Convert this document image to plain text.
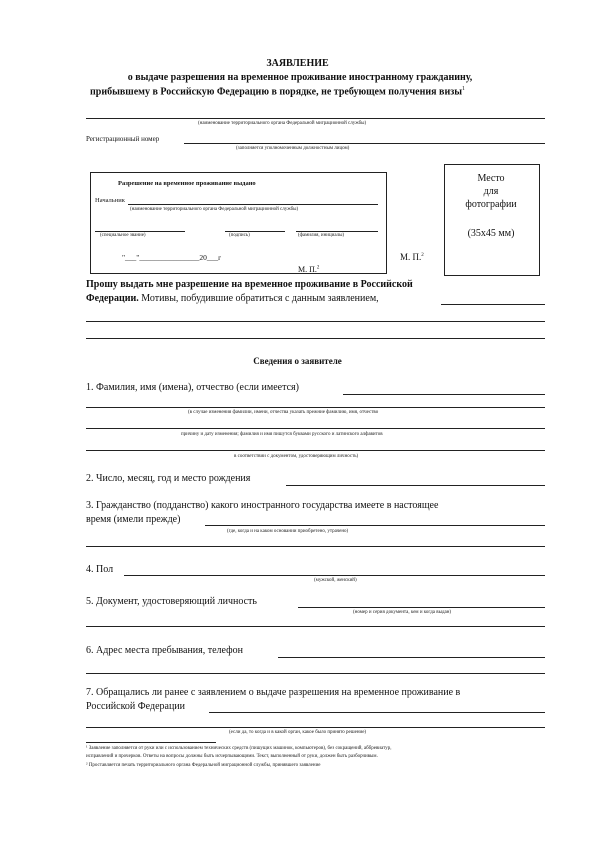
ЗАЯВЛЕНИЕ
о выдаче разрешения на временное проживание иностранному гражданину,
прибывшему в Российскую Федерацию в порядке, не требующем получения визы$^1$
(наименование территориального органа Федеральной миграционной службы)
Регистрационный номер
(заполняется уполномоченным должностным лицом)
Разрешение на временное проживание выдано
Начальник
(наименование территориального органа Федеральной миграционной службы)
(специальное звание)	(подпись)	(фамилия, инициалы)
"___"________________20___г
М. П.$^2$
Место
для
фотографии
(35x45 мм)
М. П.$^2$
Прошу выдать мне разрешение на временное проживание в Российской
Федерации. Мотивы, побудившие обратиться с данным заявлением,
Сведения о заявителе
1. Фамилия, имя (имена), отчество (если имеется)
(в случае изменения фамилии, имени, отчества указать прежние фамилию, имя, отчество
причину и дату изменения; фамилия и имя пишутся буквами русского и латинского алфавитов
в соответствии с документом, удостоверяющим личность)
2. Число, месяц, год и место рождения
3. Гражданство (подданство) какого иностранного государства имеете в настоящее
время (имели прежде)
(где, когда и на каком основании приобретено, утрачено)
4. Пол
(мужской, женский)
5. Документ, удостоверяющий личность
(номер и серия документа, кем и когда выдан)
6. Адрес места пребывания, телефон
7. Обращались ли ранее с заявлением о выдаче разрешения на временное проживание в
Российской Федерации
(если да, то когда и в какой орган, какое было принято решение)
¹ Заявление заполняется от руки или с использованием технических средств (пишущих машинок, компьютеров), без сокращений, аббревиатур,
исправлений и прочерков. Ответы на вопросы должны быть исчерпывающими. Текст, выполненный от руки, должен быть разборчивым.
² Проставляется печать территориального органа Федеральной миграционной службы, принявшего заявление
